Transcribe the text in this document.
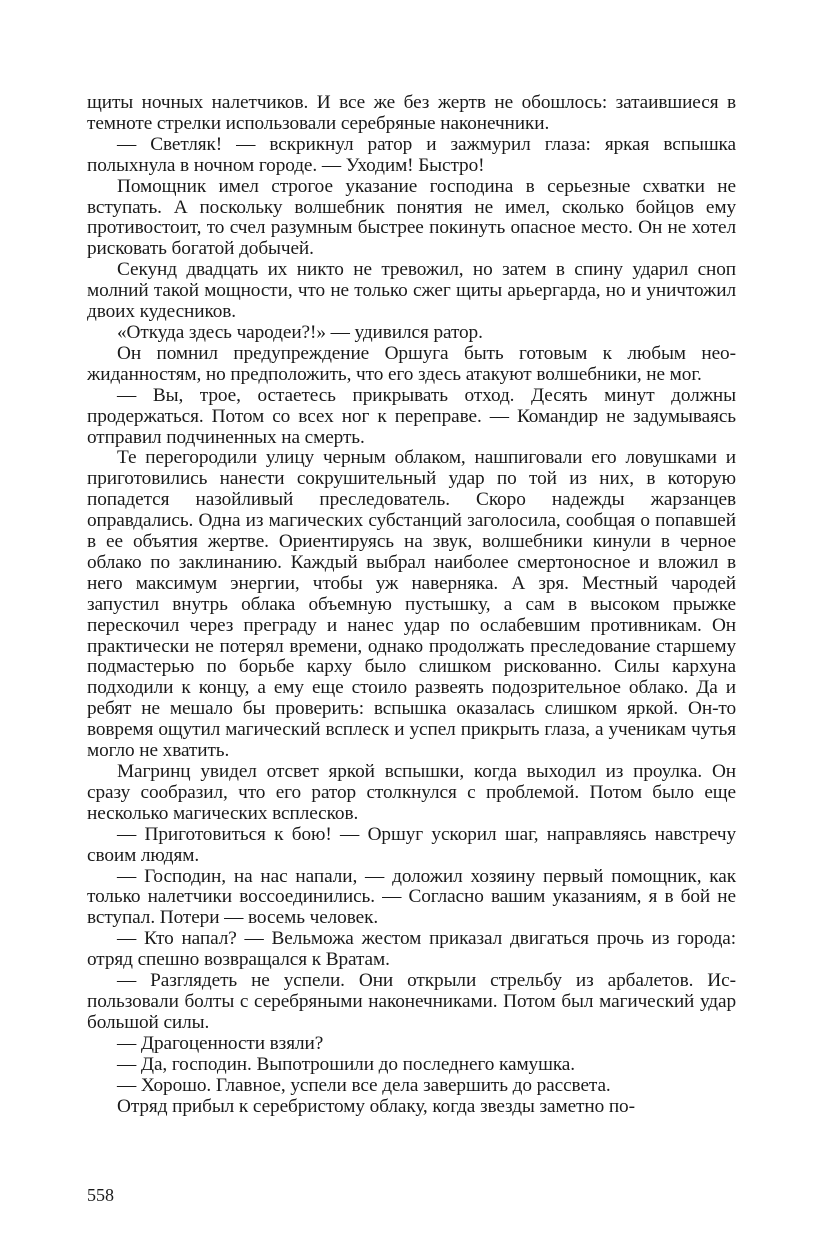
щиты ночных налетчиков. И все же без жертв не обошлось: затаившиеся в темноте стрелки использовали серебряные наконечники.

— Светляк! — вскрикнул ратор и зажмурил глаза: яркая вспышка полыхнула в ночном городе. — Уходим! Быстро!

Помощник имел строгое указание господина в серьезные схватки не вступать. А поскольку волшебник понятия не имел, сколько бойцов ему противостоит, то счел разумным быстрее покинуть опасное место. Он не хотел рисковать богатой добычей.

Секунд двадцать их никто не тревожил, но затем в спину ударил сноп молний такой мощности, что не только сжег щиты арьергарда, но и уничтожил двоих кудесников.

«Откуда здесь чародеи?!» — удивился ратор.

Он помнил предупреждение Оршуга быть готовым к любым неожиданностям, но предположить, что его здесь атакуют волшебники, не мог.

— Вы, трое, остаетесь прикрывать отход. Десять минут должны продержаться. Потом со всех ног к переправе. — Командир не задумываясь отправил подчиненных на смерть.

Те перегородили улицу черным облаком, нашпиговали его ловушками и приготовились нанести сокрушительный удар по той из них, в которую попадется назойливый преследователь. Скоро надежды жарзанцев оправдались. Одна из магических субстанций заголосила, сообщая о попавшей в ее объятия жертве. Ориентируясь на звук, волшебники кинули в черное облако по заклинанию. Каждый выбрал наиболее смертоносное и вложил в него максимум энергии, чтобы уж наверняка. А зря. Местный чародей запустил внутрь облака объемную пустышку, а сам в высоком прыжке перескочил через преграду и нанес удар по ослабевшим противникам. Он практически не потерял времени, однако продолжать преследование старшему подмастерью по борьбе карху было слишком рискованно. Силы кархуна подходили к концу, а ему еще стоило развеять подозрительное облако. Да и ребят не мешало бы проверить: вспышка оказалась слишком яркой. Он-то вовремя ощутил магический всплеск и успел прикрыть глаза, а ученикам чутья могло не хватить.

Магринц увидел отсвет яркой вспышки, когда выходил из проулка. Он сразу сообразил, что его ратор столкнулся с проблемой. Потом было еще несколько магических всплесков.

— Приготовиться к бою! — Оршуг ускорил шаг, направляясь навстречу своим людям.

— Господин, на нас напали, — доложил хозяину первый помощник, как только налетчики воссоединились. — Согласно вашим указаниям, я в бой не вступал. Потери — восемь человек.

— Кто напал? — Вельможа жестом приказал двигаться прочь из города: отряд спешно возвращался к Вратам.

— Разглядеть не успели. Они открыли стрельбу из арбалетов. Использовали болты с серебряными наконечниками. Потом был магический удар большой силы.

— Драгоценности взяли?

— Да, господин. Выпотрошили до последнего камушка.

— Хорошо. Главное, успели все дела завершить до рассвета.

Отряд прибыл к серебристому облаку, когда звезды заметно по-

558
